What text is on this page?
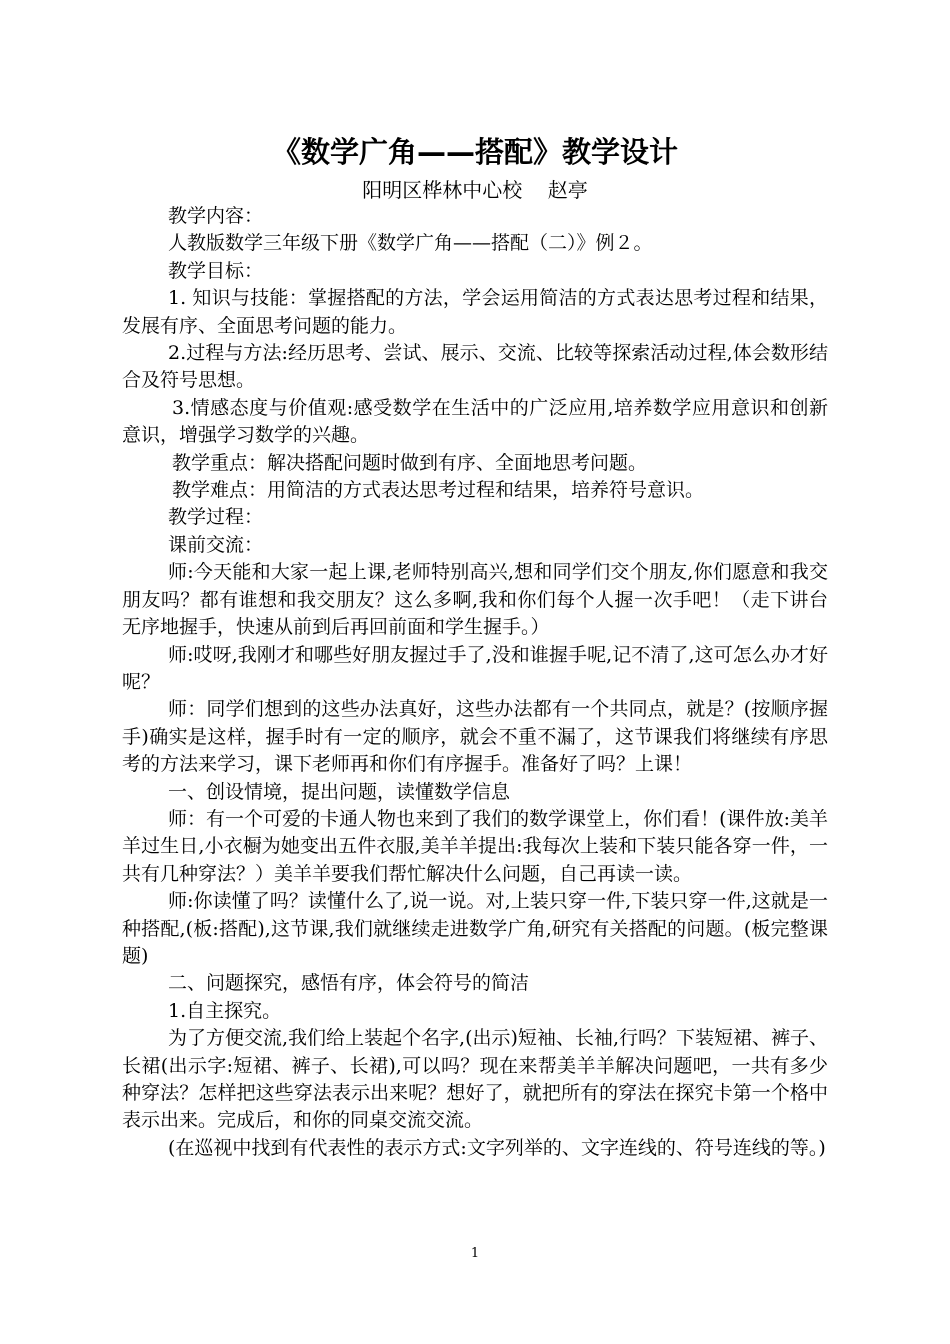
《数学广角——搭配》教学设计
阳明区桦林中心校    赵亭

教学内容：

人教版数学三年级下册《数学广角——搭配（二）》例２。

教学目标：

1. 知识与技能：掌握搭配的方法，学会运用简洁的方式表达思考过程和结果，发展有序、全面思考问题的能力。

2.过程与方法:经历思考、尝试、展示、交流、比较等探索活动过程,体会数形结合及符号思想。

3.情感态度与价值观:感受数学在生活中的广泛应用,培养数学应用意识和创新意识，增强学习数学的兴趣。

教学重点：解决搭配问题时做到有序、全面地思考问题。

教学难点：用简洁的方式表达思考过程和结果，培养符号意识。

教学过程：

课前交流：

师:今天能和大家一起上课,老师特别高兴,想和同学们交个朋友,你们愿意和我交朋友吗？都有谁想和我交朋友？这么多啊,我和你们每个人握一次手吧！（走下讲台无序地握手，快速从前到后再回前面和学生握手。）

师:哎呀,我刚才和哪些好朋友握过手了,没和谁握手呢,记不清了,这可怎么办才好呢？

师：同学们想到的这些办法真好，这些办法都有一个共同点，就是？(按顺序握手)确实是这样，握手时有一定的顺序，就会不重不漏了，这节课我们将继续有序思考的方法来学习，课下老师再和你们有序握手。准备好了吗？上课！

一、创设情境，提出问题，读懂数学信息

师：有一个可爱的卡通人物也来到了我们的数学课堂上，你们看！(课件放:美羊羊过生日,小衣橱为她变出五件衣服,美羊羊提出:我每次上装和下装只能各穿一件，一共有几种穿法？）美羊羊要我们帮忙解决什么问题，自己再读一读。

师:你读懂了吗？读懂什么了,说一说。对,上装只穿一件,下装只穿一件,这就是一种搭配,(板:搭配),这节课,我们就继续走进数学广角,研究有关搭配的问题。(板完整课题)

二、问题探究，感悟有序，体会符号的简洁

1.自主探究。

为了方便交流,我们给上装起个名字,(出示)短袖、长袖,行吗？下装短裙、裤子、长裙(出示字:短裙、裤子、长裙),可以吗？现在来帮美羊羊解决问题吧，一共有多少种穿法？怎样把这些穿法表示出来呢？想好了，就把所有的穿法在探究卡第一个格中表示出来。完成后，和你的同桌交流交流。

(在巡视中找到有代表性的表示方式:文字列举的、文字连线的、符号连线的等。)

1
